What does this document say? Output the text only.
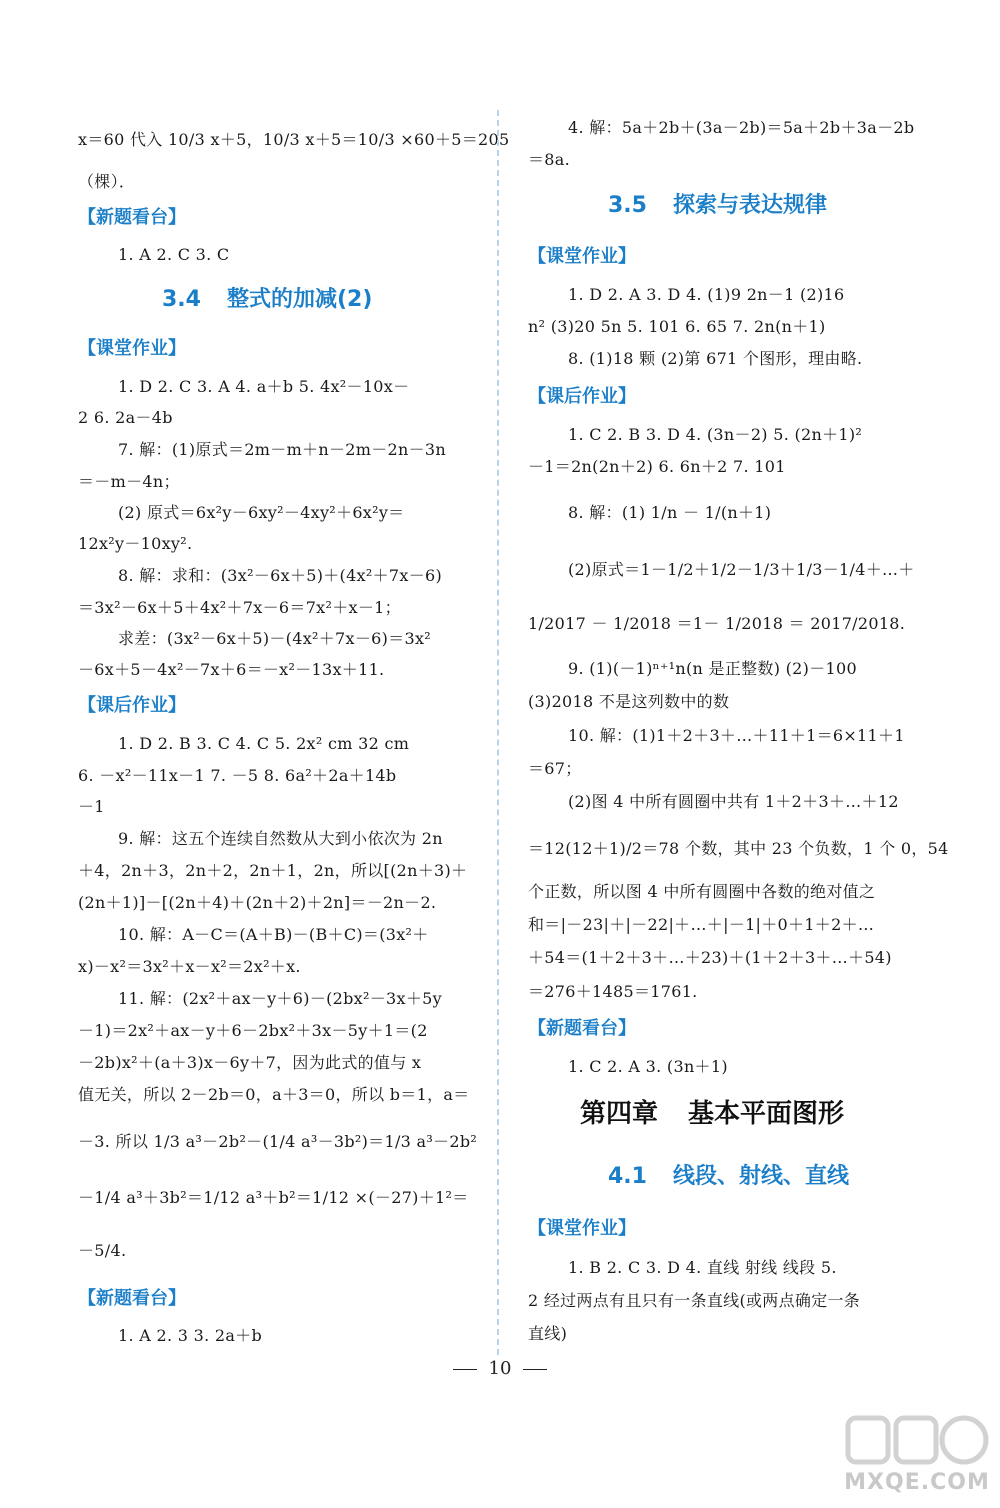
x＝60 代入 10/3 x＋5，10/3 x＋5＝10/3 ×60＋5＝205
（棵）．
【新题看台】
1. A 2. C 3. C
3.4 整式的加减(2)
【课堂作业】
1. D 2. C 3. A 4. a＋b 5. 4x²－10x－
2 6. 2a－4b
7. 解：(1)原式＝2m－m＋n－2m－2n－3n
＝－m－4n；
(2) 原式＝6x²y－6xy²－4xy²＋6x²y＝
12x²y－10xy².
8. 解：求和：(3x²－6x＋5)＋(4x²＋7x－6)
＝3x²－6x＋5＋4x²＋7x－6＝7x²＋x－1；
求差：(3x²－6x＋5)－(4x²＋7x－6)＝3x²
－6x＋5－4x²－7x＋6＝－x²－13x＋11.
【课后作业】
1. D 2. B 3. C 4. C 5. 2x² cm 32 cm
6. －x²－11x－1 7. －5 8. 6a²＋2a＋14b
－1
9. 解：这五个连续自然数从大到小依次为 2n
＋4，2n＋3，2n＋2，2n＋1，2n，所以[(2n＋3)＋
(2n＋1)]－[(2n＋4)＋(2n＋2)＋2n]＝－2n－2.
10. 解：A－C＝(A＋B)－(B＋C)＝(3x²＋
x)－x²＝3x²＋x－x²＝2x²＋x.
11. 解：(2x²＋ax－y＋6)－(2bx²－3x＋5y
－1)＝2x²＋ax－y＋6－2bx²＋3x－5y＋1＝(2
－2b)x²＋(a＋3)x－6y＋7，因为此式的值与 x
值无关，所以 2－2b＝0，a＋3＝0，所以 b＝1，a＝
－3. 所以 1/3 a³－2b²－(1/4 a³－3b²)＝1/3 a³－2b²
－1/4 a³＋3b²＝1/12 a³＋b²＝1/12 ×(－27)＋1²＝
－5/4.
【新题看台】
1. A 2. 3 3. 2a＋b
4. 解：5a＋2b＋(3a－2b)＝5a＋2b＋3a－2b
＝8a.
3.5 探索与表达规律
【课堂作业】
1. D 2. A 3. D 4. (1)9 2n－1 (2)16
n² (3)20 5n 5. 101 6. 65 7. 2n(n＋1)
8. (1)18 颗 (2)第 671 个图形，理由略.
【课后作业】
1. C 2. B 3. D 4. (3n－2) 5. (2n＋1)²
－1＝2n(2n＋2) 6. 6n＋2 7. 101
8. 解：(1) 1/n － 1/(n＋1)
(2)原式＝1－1/2＋1/2－1/3＋1/3－1/4＋…＋
1/2017 － 1/2018 ＝1－ 1/2018 ＝ 2017/2018.
9. (1)(－1)ⁿ⁺¹n(n 是正整数) (2)－100
(3)2018 不是这列数中的数
10. 解：(1)1＋2＋3＋…＋11＋1＝6×11＋1
＝67；
(2)图 4 中所有圆圈中共有 1＋2＋3＋…＋12
＝12(12＋1)/2＝78 个数，其中 23 个负数，1 个 0，54
个正数，所以图 4 中所有圆圈中各数的绝对值之
和＝|－23|＋|－22|＋…＋|－1|＋0＋1＋2＋…
＋54＝(1＋2＋3＋…＋23)＋(1＋2＋3＋…＋54)
＝276＋1485＝1761.
【新题看台】
1. C 2. A 3. (3n＋1)
第四章 基本平面图形
4.1 线段、射线、直线
【课堂作业】
1. B 2. C 3. D 4. 直线 射线 线段 5.
2 经过两点有且只有一条直线(或两点确定一条
直线)
10
MXQE.COM
